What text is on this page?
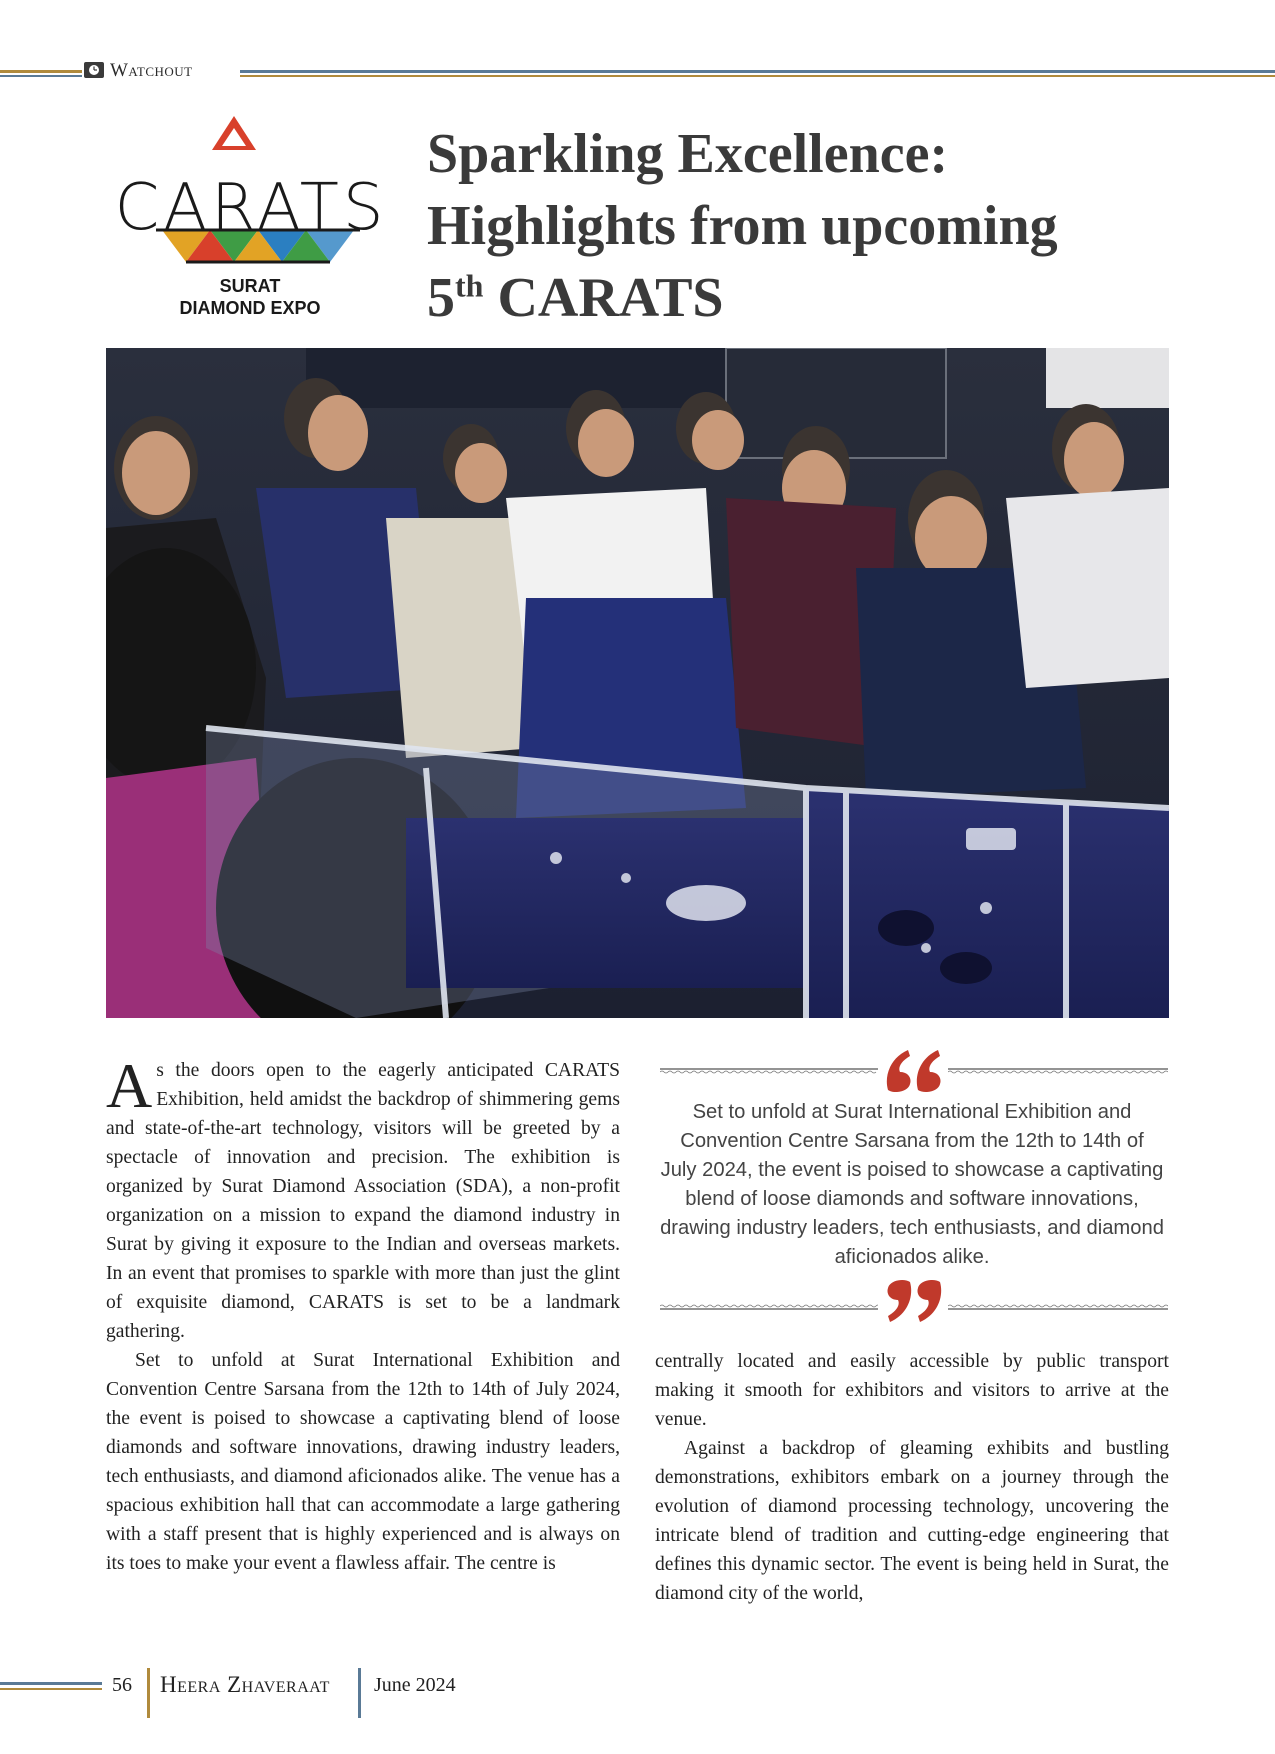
Watchout
CARATS
SURAT
DIAMOND EXPO
Sparkling Excellence:
Highlights from upcoming
5th CARATS

As the doors open to the eagerly anticipated CARATS Exhibition, held amidst the backdrop of shimmering gems and state-of-the-art technology, visitors will be greeted by a spectacle of innovation and precision. The exhibition is organized by Surat Diamond Association (SDA), a non-profit organization on a mission to expand the diamond industry in Surat by giving it exposure to the Indian and overseas markets. In an event that promises to sparkle with more than just the glint of exquisite diamond, CARATS is set to be a landmark gathering.

Set to unfold at Surat International Exhibition and Convention Centre Sarsana from the 12th to 14th of July 2024, the event is poised to showcase a captivating blend of loose diamonds and software innovations, drawing industry leaders, tech enthusiasts, and diamond aficionados alike. The venue has a spacious exhibition hall that can accommodate a large gathering with a staff present that is highly experienced and is always on its toes to make your event a flawless affair. The centre is

Set to unfold at Surat International Exhibition and Convention Centre Sarsana from the 12th to 14th of July 2024, the event is poised to showcase a captivating blend of loose diamonds and software innovations, drawing industry leaders, tech enthusiasts, and diamond aficionados alike.

centrally located and easily accessible by public transport making it smooth for exhibitors and visitors to arrive at the venue.

Against a backdrop of gleaming exhibits and bustling demonstrations, exhibitors embark on a journey through the evolution of diamond processing technology, uncovering the intricate blend of tradition and cutting-edge engineering that defines this dynamic sector. The event is being held in Surat, the diamond city of the world,

56 Heera Zhaveraat June 2024
